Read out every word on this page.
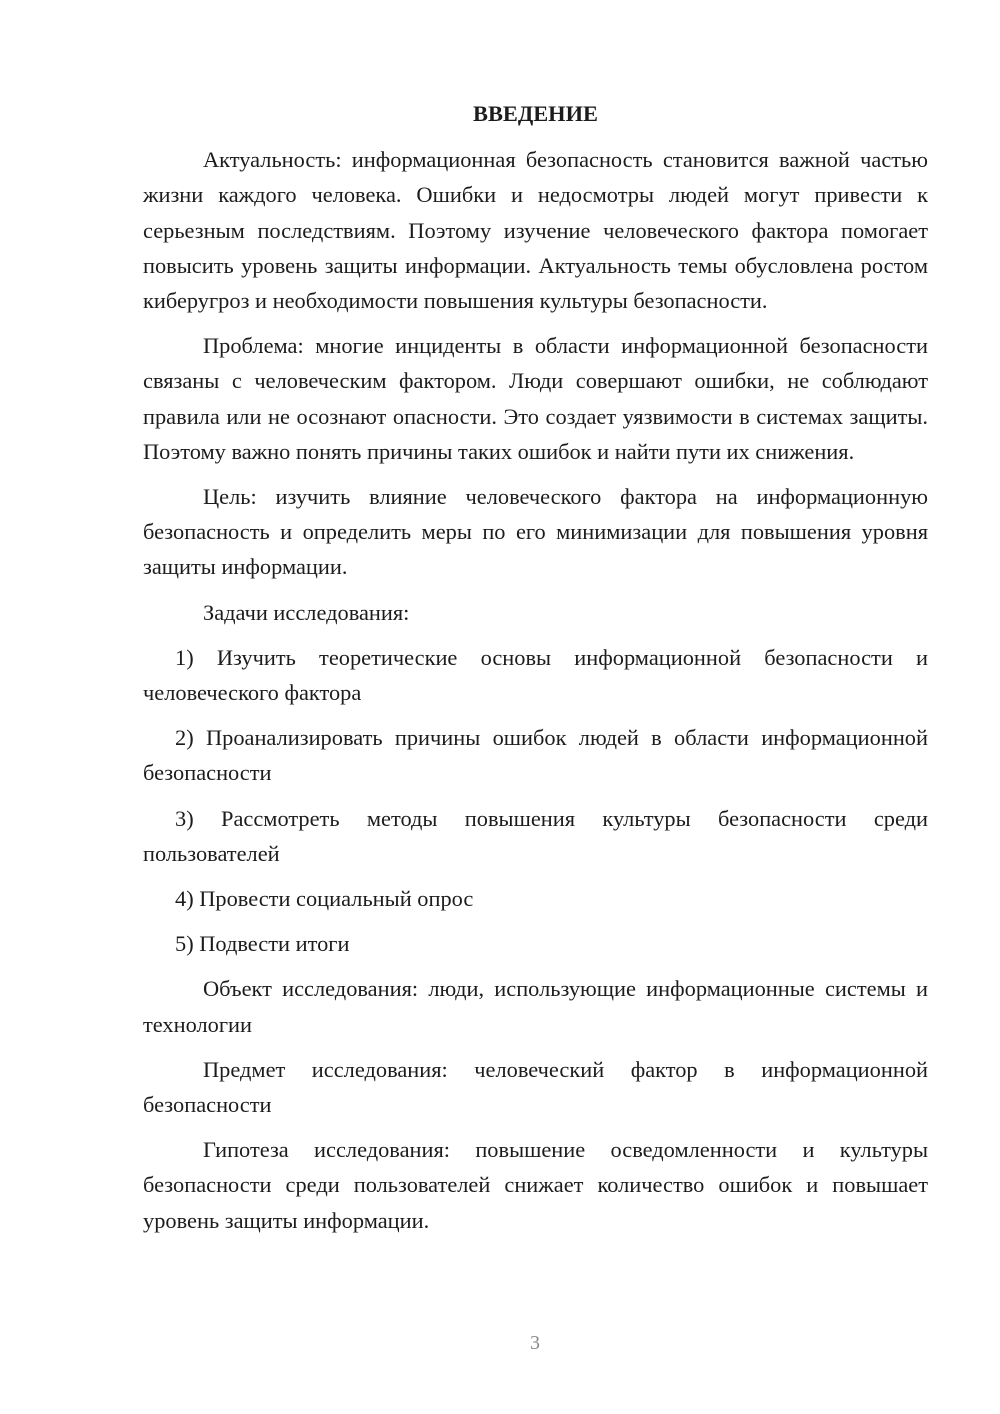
ВВЕДЕНИЕ

Актуальность: информационная безопасность становится важной частью жизни каждого человека. Ошибки и недосмотры людей могут привести к серьезным последствиям. Поэтому изучение человеческого фактора помогает повысить уровень защиты информации. Актуальность темы обусловлена ростом киберугроз и необходимости повышения культуры безопасности.

Проблема: многие инциденты в области информационной безопасности связаны с человеческим фактором. Люди совершают ошибки, не соблюдают правила или не осознают опасности. Это создает уязвимости в системах защиты. Поэтому важно понять причины таких ошибок и найти пути их снижения.

Цель: изучить влияние человеческого фактора на информационную безопасность и определить меры по его минимизации для повышения уровня защиты информации.

Задачи исследования:

1) Изучить теоретические основы информационной безопасности и человеческого фактора

2) Проанализировать причины ошибок людей в области информационной безопасности

3) Рассмотреть методы повышения культуры безопасности среди пользователей

4) Провести социальный опрос

5) Подвести итоги

Объект исследования: люди, использующие информационные системы и технологии

Предмет исследования: человеческий фактор в информационной безопасности

Гипотеза исследования: повышение осведомленности и культуры безопасности среди пользователей снижает количество ошибок и повышает уровень защиты информации.

3
